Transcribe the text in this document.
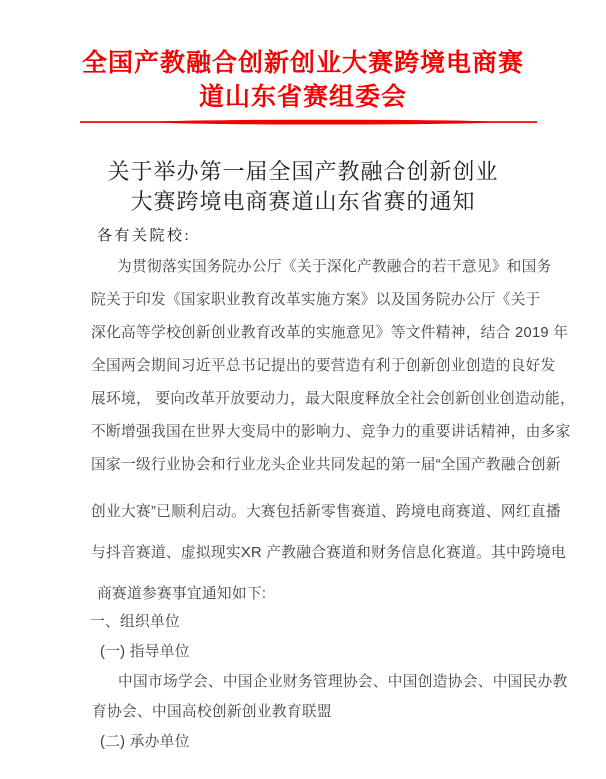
全国产教融合创新创业大赛跨境电商赛
道山东省赛组委会
关于举办第一届全国产教融合创新创业
大赛跨境电商赛道山东省赛的通知
各有关院校:
为贯彻落实国务院办公厅《关于深化产教融合的若干意见》和国务
院关于印发《国家职业教育改革实施方案》以及国务院办公厅《关于
深化高等学校创新创业教育改革的实施意见》等文件精神，结合 2019 年
全国两会期间习近平总书记提出的要营造有利于创新创业创造的良好发
展环境， 要向改革开放要动力，最大限度释放全社会创新创业创造动能，
不断增强我国在世界大变局中的影响力、竞争力的重要讲话精神，由多家
国家一级行业协会和行业龙头企业共同发起的第一届“全国产教融合创新
创业大赛”已顺利启动。大赛包括新零售赛道、跨境电商赛道、网红直播
与抖音赛道、虚拟现实XR 产教融合赛道和财务信息化赛道。其中跨境电
商赛道参赛事宜通知如下:
一、组织单位
(一) 指导单位
中国市场学会、中国企业财务管理协会、中国创造协会、中国民办教
育协会、中国高校创新创业教育联盟
(二) 承办单位
